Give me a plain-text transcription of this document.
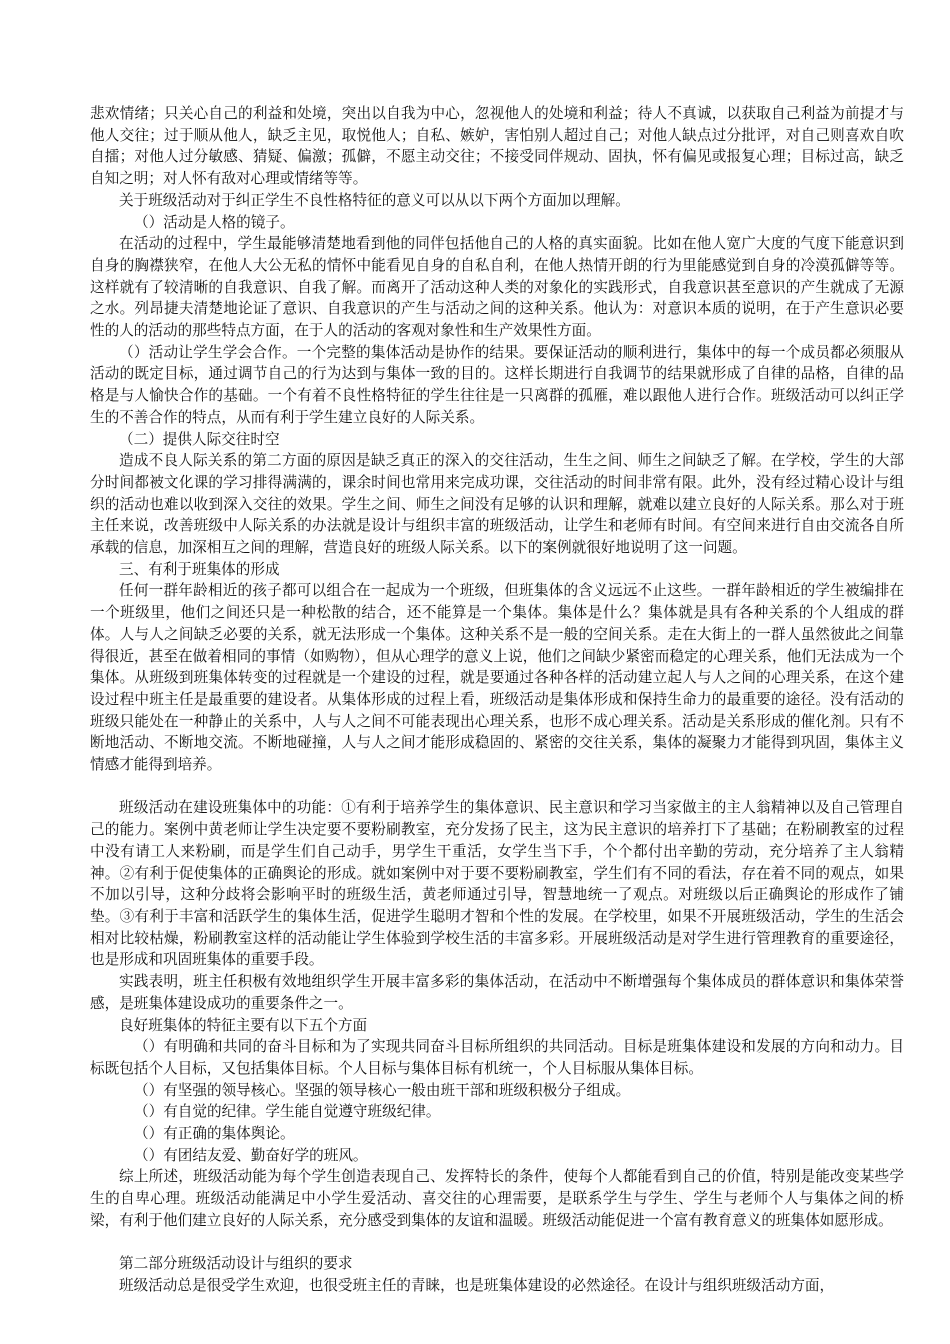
悲欢情绪；只关心自己的利益和处境，突出以自我为中心，忽视他人的处境和利益；待人不真诚，以获取自己利益为前提才与他人交往；过于顺从他人，缺乏主见，取悦他人；自私、嫉妒，害怕别人超过自己；对他人缺点过分批评，对自己则喜欢自吹自擂；对他人过分敏感、猜疑、偏激；孤僻，不愿主动交往；不接受同伴规动、固执，怀有偏见或报复心理；目标过高，缺乏自知之明；对人怀有敌对心理或情绪等等。

关于班级活动对于纠正学生不良性格特征的意义可以从以下两个方面加以理解。

（）活动是人格的镜子。

在活动的过程中，学生最能够清楚地看到他的同伴包括他自己的人格的真实面貌。比如在他人宽广大度的气度下能意识到自身的胸襟狭窄，在他人大公无私的情怀中能看见自身的自私自利，在他人热情开朗的行为里能感觉到自身的冷漠孤僻等等。这样就有了较清晰的自我意识、自我了解。而离开了活动这种人类的对象化的实践形式，自我意识甚至意识的产生就成了无源之水。列昂捷夫清楚地论证了意识、自我意识的产生与活动之间的这种关系。他认为：对意识本质的说明，在于产生意识必要性的人的活动的那些特点方面，在于人的活动的客观对象性和生产效果性方面。

（）活动让学生学会合作。一个完整的集体活动是协作的结果。要保证活动的顺利进行，集体中的每一个成员都必须服从活动的既定目标，通过调节自己的行为达到与集体一致的目的。这样长期进行自我调节的结果就形成了自律的品格，自律的品格是与人愉快合作的基础。一个有着不良性格特征的学生往往是一只离群的孤雁，难以跟他人进行合作。班级活动可以纠正学生的不善合作的特点，从而有利于学生建立良好的人际关系。

（二）提供人际交往时空

造成不良人际关系的第二方面的原因是缺乏真正的深入的交往活动，生生之间、师生之间缺乏了解。在学校，学生的大部分时间都被文化课的学习排得满满的，课余时间也常用来完成功课，交往活动的时间非常有限。此外，没有经过精心设计与组织的活动也难以收到深入交往的效果。学生之间、师生之间没有足够的认识和理解，就难以建立良好的人际关系。那么对于班主任来说，改善班级中人际关系的办法就是设计与组织丰富的班级活动，让学生和老师有时间。有空间来进行自由交流各自所承载的信息，加深相互之间的理解，营造良好的班级人际关系。以下的案例就很好地说明了这一问题。

三、有利于班集体的形成

任何一群年龄相近的孩子都可以组合在一起成为一个班级，但班集体的含义远远不止这些。一群年龄相近的学生被编排在一个班级里，他们之间还只是一种松散的结合，还不能算是一个集体。集体是什么？集体就是具有各种关系的个人组成的群体。人与人之间缺乏必要的关系，就无法形成一个集体。这种关系不是一般的空间关系。走在大街上的一群人虽然彼此之间靠得很近，甚至在做着相同的事情（如购物），但从心理学的意义上说，他们之间缺少紧密而稳定的心理关系，他们无法成为一个集体。从班级到班集体转变的过程就是一个建设的过程，就是要通过各种各样的活动建立起人与人之间的心理关系，在这个建设过程中班主任是最重要的建设者。从集体形成的过程上看，班级活动是集体形成和保持生命力的最重要的途径。没有活动的班级只能处在一种静止的关系中，人与人之间不可能表现出心理关系，也形不成心理关系。活动是关系形成的催化剂。只有不断地活动、不断地交流。不断地碰撞，人与人之间才能形成稳固的、紧密的交往关系，集体的凝聚力才能得到巩固，集体主义情感才能得到培养。

班级活动在建设班集体中的功能：①有利于培养学生的集体意识、民主意识和学习当家做主的主人翁精神以及自己管理自己的能力。案例中黄老师让学生决定要不要粉刷教室，充分发扬了民主，这为民主意识的培养打下了基础；在粉刷教室的过程中没有请工人来粉刷，而是学生们自己动手，男学生干重活，女学生当下手，个个都付出辛勤的劳动，充分培养了主人翁精神。②有利于促使集体的正确舆论的形成。就如案例中对于要不要粉刷教室，学生们有不同的看法，存在着不同的观点，如果不加以引导，这种分歧将会影响平时的班级生活，黄老师通过引导，智慧地统一了观点。对班级以后正确舆论的形成作了铺垫。③有利于丰富和活跃学生的集体生活，促进学生聪明才智和个性的发展。在学校里，如果不开展班级活动，学生的生活会相对比较枯燥，粉刷教室这样的活动能让学生体验到学校生活的丰富多彩。开展班级活动是对学生进行管理教育的重要途径，也是形成和巩固班集体的重要手段。

实践表明，班主任积极有效地组织学生开展丰富多彩的集体活动，在活动中不断增强每个集体成员的群体意识和集体荣誉感，是班集体建设成功的重要条件之一。

良好班集体的特征主要有以下五个方面

（）有明确和共同的奋斗目标和为了实现共同奋斗目标所组织的共同活动。目标是班集体建设和发展的方向和动力。目标既包括个人目标，又包括集体目标。个人目标与集体目标有机统一，个人目标服从集体目标。

（）有坚强的领导核心。坚强的领导核心一般由班干部和班级积极分子组成。

（）有自觉的纪律。学生能自觉遵守班级纪律。

（）有正确的集体舆论。

（）有团结友爱、勤奋好学的班风。

综上所述，班级活动能为每个学生创造表现自己、发挥特长的条件，使每个人都能看到自己的价值，特别是能改变某些学生的自卑心理。班级活动能满足中小学生爱活动、喜交往的心理需要，是联系学生与学生、学生与老师个人与集体之间的桥梁，有利于他们建立良好的人际关系，充分感受到集体的友谊和温暖。班级活动能促进一个富有教育意义的班集体如愿形成。

第二部分班级活动设计与组织的要求

班级活动总是很受学生欢迎，也很受班主任的青睐，也是班集体建设的必然途径。在设计与组织班级活动方面，
